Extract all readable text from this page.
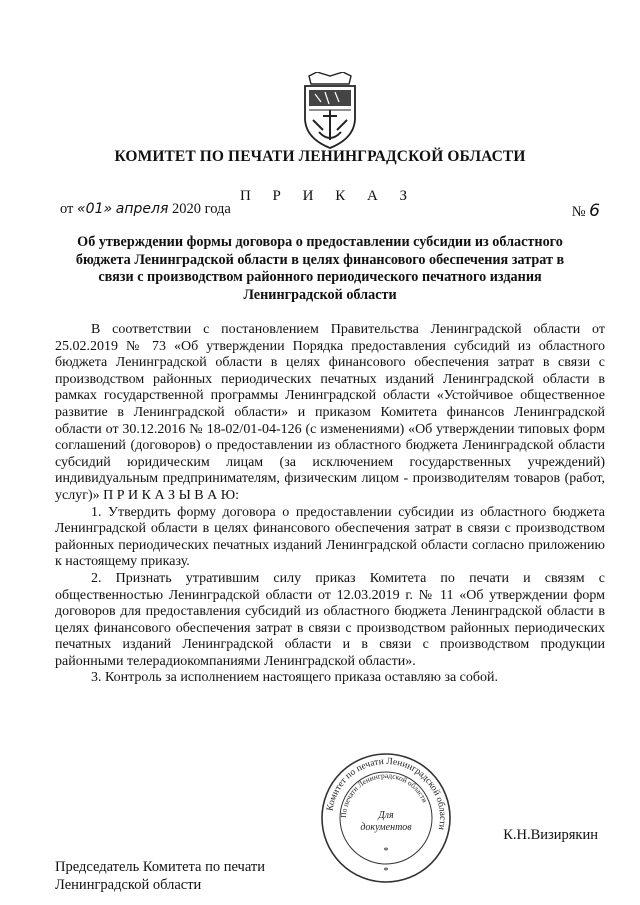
КОМИТЕТ ПО ПЕЧАТИ ЛЕНИНГРАДСКОЙ ОБЛАСТИ
П Р И К А З
от «01» апреля 2020 года	№ 6
Об утверждении формы договора о предоставлении субсидии из областного бюджета Ленинградской области в целях финансового обеспечения затрат в связи с производством районного периодического печатного издания Ленинградской области

В соответствии с постановлением Правительства Ленинградской области от 25.02.2019 № 73 «Об утверждении Порядка предоставления субсидий из областного бюджета Ленинградской области в целях финансового обеспечения затрат в связи с производством районных периодических печатных изданий Ленинградской области в рамках государственной программы Ленинградской области «Устойчивое общественное развитие в Ленинградской области» и приказом Комитета финансов Ленинградской области от 30.12.2016 № 18-02/01-04-126 (с изменениями) «Об утверждении типовых форм соглашений (договоров) о предоставлении из областного бюджета Ленинградской области субсидий юридическим лицам (за исключением государственных учреждений) индивидуальным предпринимателям, физическим лицом - производителям товаров (работ, услуг)» П Р И К А З Ы В А Ю:

1. Утвердить форму договора о предоставлении субсидии из областного бюджета Ленинградской области в целях финансового обеспечения затрат в связи с производством районных периодических печатных изданий Ленинградской области согласно приложению к настоящему приказу.

2. Признать утратившим силу приказ Комитета по печати и связям с общественностью Ленинградской области от 12.03.2019 г. № 11 «Об утверждении форм договоров для предоставления субсидий из областного бюджета Ленинградской области в целях финансового обеспечения затрат в связи с производством районных периодических печатных изданий Ленинградской области и в связи с производством продукции районными телерадиокомпаниями Ленинградской области».

3. Контроль за исполнением настоящего приказа оставляю за собой.

Председатель Комитета по печати
Ленинградской области
К.Н.Визирякин
Комитет по печати Ленинградской области
По печати Ленинградской области
Для
документов
*
*
